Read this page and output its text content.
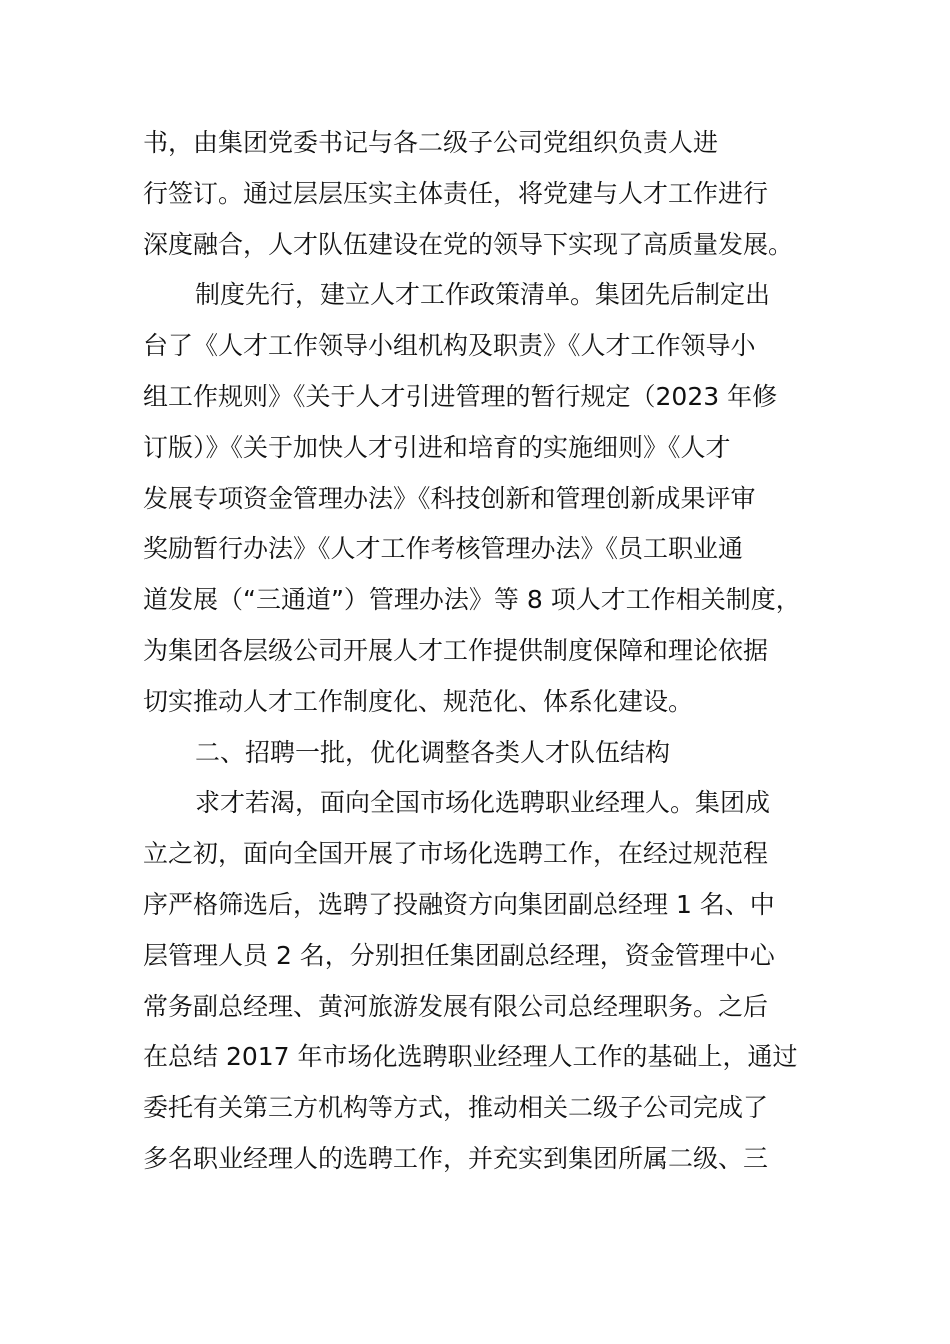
书，由集团党委书记与各二级子公司党组织负责人进
行签订。通过层层压实主体责任，将党建与人才工作进行
深度融合，人才队伍建设在党的领导下实现了高质量发展。
制度先行，建立人才工作政策清单。集团先后制定出
台了《人才工作领导小组机构及职责》《人才工作领导小
组工作规则》《关于人才引进管理的暂行规定（2023 年修
订版）》《关于加快人才引进和培育的实施细则》《人才
发展专项资金管理办法》《科技创新和管理创新成果评审
奖励暂行办法》《人才工作考核管理办法》《员工职业通
道发展（“三通道”）管理办法》等 8 项人才工作相关制度，
为集团各层级公司开展人才工作提供制度保障和理论依据
切实推动人才工作制度化、规范化、体系化建设。
二、招聘一批，优化调整各类人才队伍结构
求才若渴，面向全国市场化选聘职业经理人。集团成
立之初，面向全国开展了市场化选聘工作，在经过规范程
序严格筛选后，选聘了投融资方向集团副总经理 1 名、中
层管理人员 2 名，分别担任集团副总经理，资金管理中心
常务副总经理、黄河旅游发展有限公司总经理职务。之后
在总结 2017 年市场化选聘职业经理人工作的基础上，通过
委托有关第三方机构等方式，推动相关二级子公司完成了
多名职业经理人的选聘工作，并充实到集团所属二级、三
